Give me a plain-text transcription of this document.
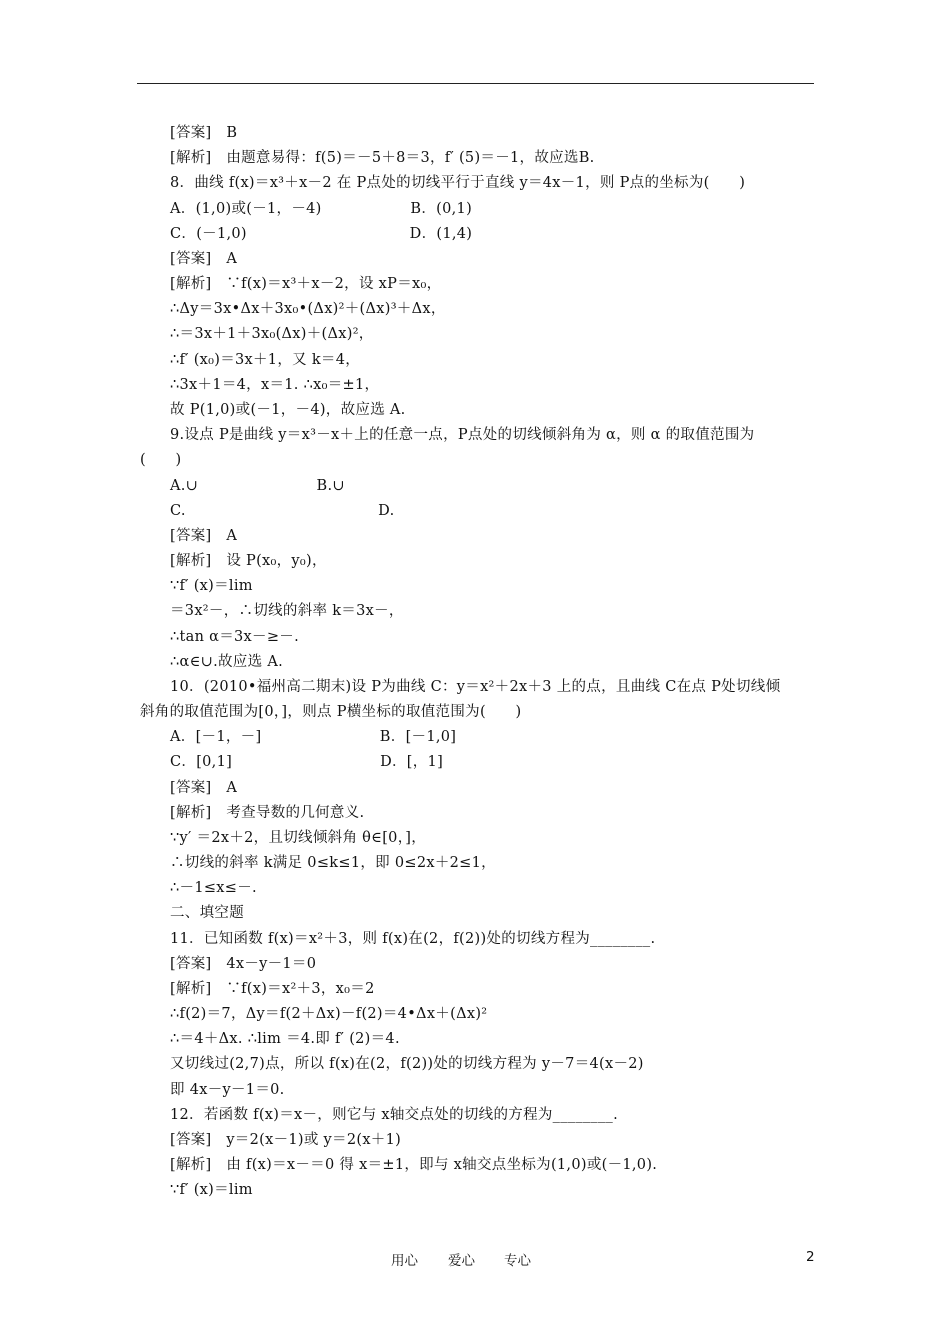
[答案]　B
[解析]　由题意易得：f(5)＝－5＋8＝3，f′ (5)＝－1，故应选B.
8．曲线 f(x)＝x³＋x－2 在 P点处的切线平行于直线 y＝4x－1，则 P点的坐标为(　　)
A．(1,0)或(－1，－4)　　　　　　B．(0,1)
C．(－1,0)　　　　　　　　　　　D．(1,4)
[答案]　A
[解析]　∵f(x)＝x³＋x－2，设 xP＝x₀，
∴Δy＝3x•Δx＋3x₀•(Δx)²＋(Δx)³＋Δx，
∴＝3x＋1＋3x₀(Δx)＋(Δx)²，
∴f′ (x₀)＝3x＋1，又 k＝4，
∴3x＋1＝4，x＝1. ∴x₀＝±1，
故 P(1,0)或(－1，－4)，故应选 A.
9.设点 P是曲线 y＝x³－x＋上的任意一点，P点处的切线倾斜角为 α，则 α 的取值范围为
(　　)
A.∪　　　　　　　　B.∪
C.　　　　　　　　　　　　　D.
[答案]　A
[解析]　设 P(x₀，y₀)，
∵f′ (x)＝lim
＝3x²－，∴切线的斜率 k＝3x－，
∴tan α＝3x－≥－.
∴α∈∪.故应选 A.
10．(2010•福州高二期末)设 P为曲线 C：y＝x²＋2x＋3 上的点，且曲线 C在点 P处切线倾
斜角的取值范围为[0，]，则点 P横坐标的取值范围为(　　)
A．[－1，－]　　　　　　　　B．[－1,0]
C．[0,1]　　　　　　　　　　D．[，1]
[答案]　A
[解析]　考查导数的几何意义.
∵y′ ＝2x＋2，且切线倾斜角 θ∈[0，]，
∴切线的斜率 k满足 0≤k≤1，即 0≤2x＋2≤1，
∴－1≤x≤－.
二、填空题
11．已知函数 f(x)＝x²＋3，则 f(x)在(2，f(2))处的切线方程为________.
[答案]　4x－y－1＝0
[解析]　∵f(x)＝x²＋3，x₀＝2
∴f(2)＝7，Δy＝f(2＋Δx)－f(2)＝4•Δx＋(Δx)²
∴＝4＋Δx. ∴lim ＝4.即 f′ (2)＝4.
又切线过(2,7)点，所以 f(x)在(2，f(2))处的切线方程为 y－7＝4(x－2)
即 4x－y－1＝0.
12．若函数 f(x)＝x－，则它与 x轴交点处的切线的方程为________.
[答案]　y＝2(x－1)或 y＝2(x＋1)
[解析]　由 f(x)＝x－＝0 得 x＝±1，即与 x轴交点坐标为(1,0)或(－1,0).
∵f′ (x)＝lim
用心 爱心 专心	2
